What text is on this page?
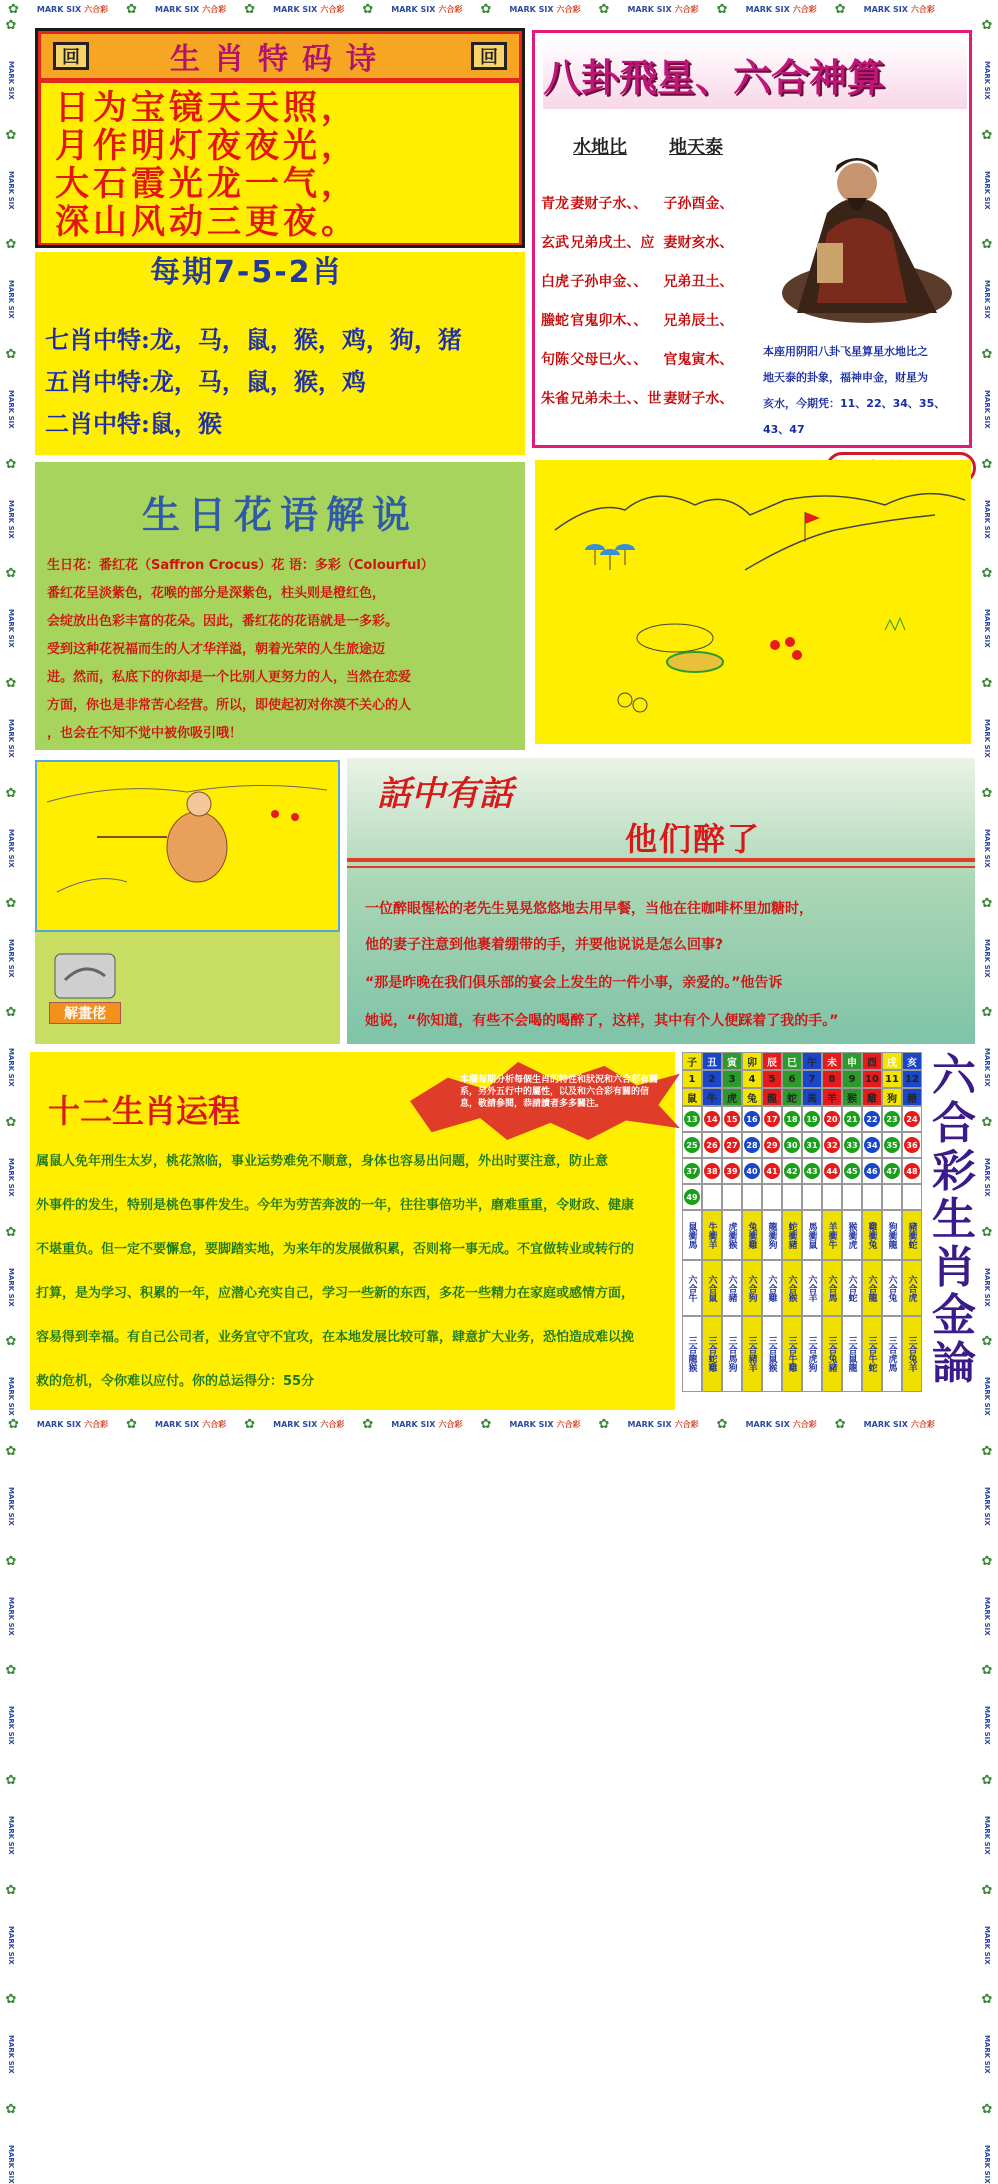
✿ MARK SIX 六合彩 ✿ MARK SIX 六合彩 ✿ MARK SIX 六合彩 ✿ MARK SIX 六合彩 ✿ MARK SIX 六合彩 ✿ MARK SIX 六合彩 ✿ MARK SIX 六合彩 ✿ MARK SIX 六合彩
✿ MARK SIX 六合彩 ✿ MARK SIX 六合彩 ✿ MARK SIX 六合彩 ✿ MARK SIX 六合彩 ✿ MARK SIX 六合彩 ✿ MARK SIX 六合彩 ✿ MARK SIX 六合彩 ✿ MARK SIX 六合彩
✿
MARK SIX
✿
MARK SIX
✿
MARK SIX
✿
MARK SIX
✿
MARK SIX
✿
MARK SIX
✿
MARK SIX
✿
MARK SIX
✿
MARK SIX
✿
MARK SIX
✿
MARK SIX
✿
MARK SIX
✿
MARK SIX
✿
MARK SIX
✿
MARK SIX
✿
MARK SIX
✿
MARK SIX
✿
MARK SIX
✿
MARK SIX
✿
MARK SIX
✿
MARK SIX
✿
MARK SIX
✿
MARK SIX
✿
MARK SIX
✿
MARK SIX
✿
MARK SIX
✿
MARK SIX
✿
MARK SIX
✿
MARK SIX
✿
MARK SIX
✿
MARK SIX
✿
MARK SIX
✿
MARK SIX
✿
MARK SIX
✿
MARK SIX
✿
MARK SIX
✿
MARK SIX
✿
MARK SIX
✿
MARK SIX
✿
MARK SIX
回	生肖特码诗	回
日为宝镜天天照，
月作明灯夜夜光，
大石霞光龙一气，
深山风动三更夜。
八卦飛星、六合神算
水地比 地天泰
青龙 妻财子水、、	子孙酉金、
玄武 兄弟戌土、应 妻财亥水、
白虎 子孙申金、、	兄弟丑土、
螣蛇 官鬼卯木、、	兄弟辰土、
句陈 父母巳火、、	官鬼寅木、
朱雀 兄弟未土、、世 妻财子水、
本座用阴阳八卦飞星算星水地比之
地天泰的卦象，福神申金，财星为
亥水，今期凭：11、22、34、35、
43、47
每期7-5-2肖
七肖中特:龙，马，鼠，猴，鸡，狗，猪
五肖中特:龙，马，鼠，猴，鸡
二肖中特:鼠，猴
生日花语解说
生日花：番红花（Saffron Crocus）花 语：多彩（Colourful）
番红花呈淡紫色，花喉的部分是深紫色，柱头则是橙红色，
会绽放出色彩丰富的花朵。因此，番红花的花语就是一多彩。
受到这种花祝福而生的人才华洋溢，朝着光荣的人生旅途迈
进。然而，私底下的你却是一个比别人更努力的人，当然在恋爱
方面，你也是非常苦心经营。所以，即使起初对你漠不关心的人
，也会在不知不觉中被你吸引哦！
解畫佬
話中有話
他们醉了
一位醉眼惺松的老先生晃晃悠悠地去用早餐，当他在往咖啡杯里加糖时，
他的妻子注意到他裹着绷带的手，并要他说说是怎么回事?
“那是昨晚在我们俱乐部的宴会上发生的一件小事，亲爱的。”他告诉
她说，“你知道，有些不会喝的喝醉了，这样，其中有个人便踩着了我的手。”
本欄每期分析每個生肖的特性和狀況和六合彩有關系，另外五行中的屬性，以及和六合彩有關的信息，敬請參閱，恭請讀者多多關注。
十二生肖运程
属鼠人免年刑生太岁，桃花煞临，事业运势难免不顺意，身体也容易出问题，外出时要注意，防止意
外事件的发生，特别是桃色事件发生。今年为劳苦奔波的一年，往往事倍功半，磨难重重，令财政、健康
不堪重负。但一定不要懈怠，要脚踏实地，为来年的发展做积累，否则将一事无成。不宜做转业或转行的
打算，是为学习、积累的一年，应潜心充实自己，学习一些新的东西，多花一些精力在家庭或感情方面，
容易得到幸福。有自己公司者，业务宜守不宜攻，在本地发展比较可靠，肆意扩大业务，恐怕造成难以挽
救的危机，令你难以应付。你的总运得分：55分
子	丑	寅	卯	辰	巳	午	未	申	酉	戌	亥
1	2	3	4	5	6	7	8	9 10 11 12
鼠	牛	虎	兔	龍	蛇	馬	羊	猴	雞	狗	豬
13	14	15	16	17	18	19	20	21	22	23	24
25	26	27	28	29	30	31	32	33	34	35	36
37	38	39	40	41	42	43	44	45	46	47	48
49
鼠衝馬	牛衝羊	虎衝猴	兔衝雞	龍衝狗	蛇衝豬	馬衝鼠	羊衝牛	猴衝虎	雞衝兔	狗衝龍	豬衝蛇
六合牛	六合鼠	六合豬	六合狗	六合雞	六合猴	六合羊	六合馬	六合蛇	六合龍	六合兔	六合虎
三合龍猴	三合蛇雞	三合馬狗	三合豬羊	三合鼠猴	三合牛雞	三合虎狗	三合兔豬	三合鼠龍	三合牛蛇	三合虎馬	三合兔羊
六
合
彩
生
肖
金
論
